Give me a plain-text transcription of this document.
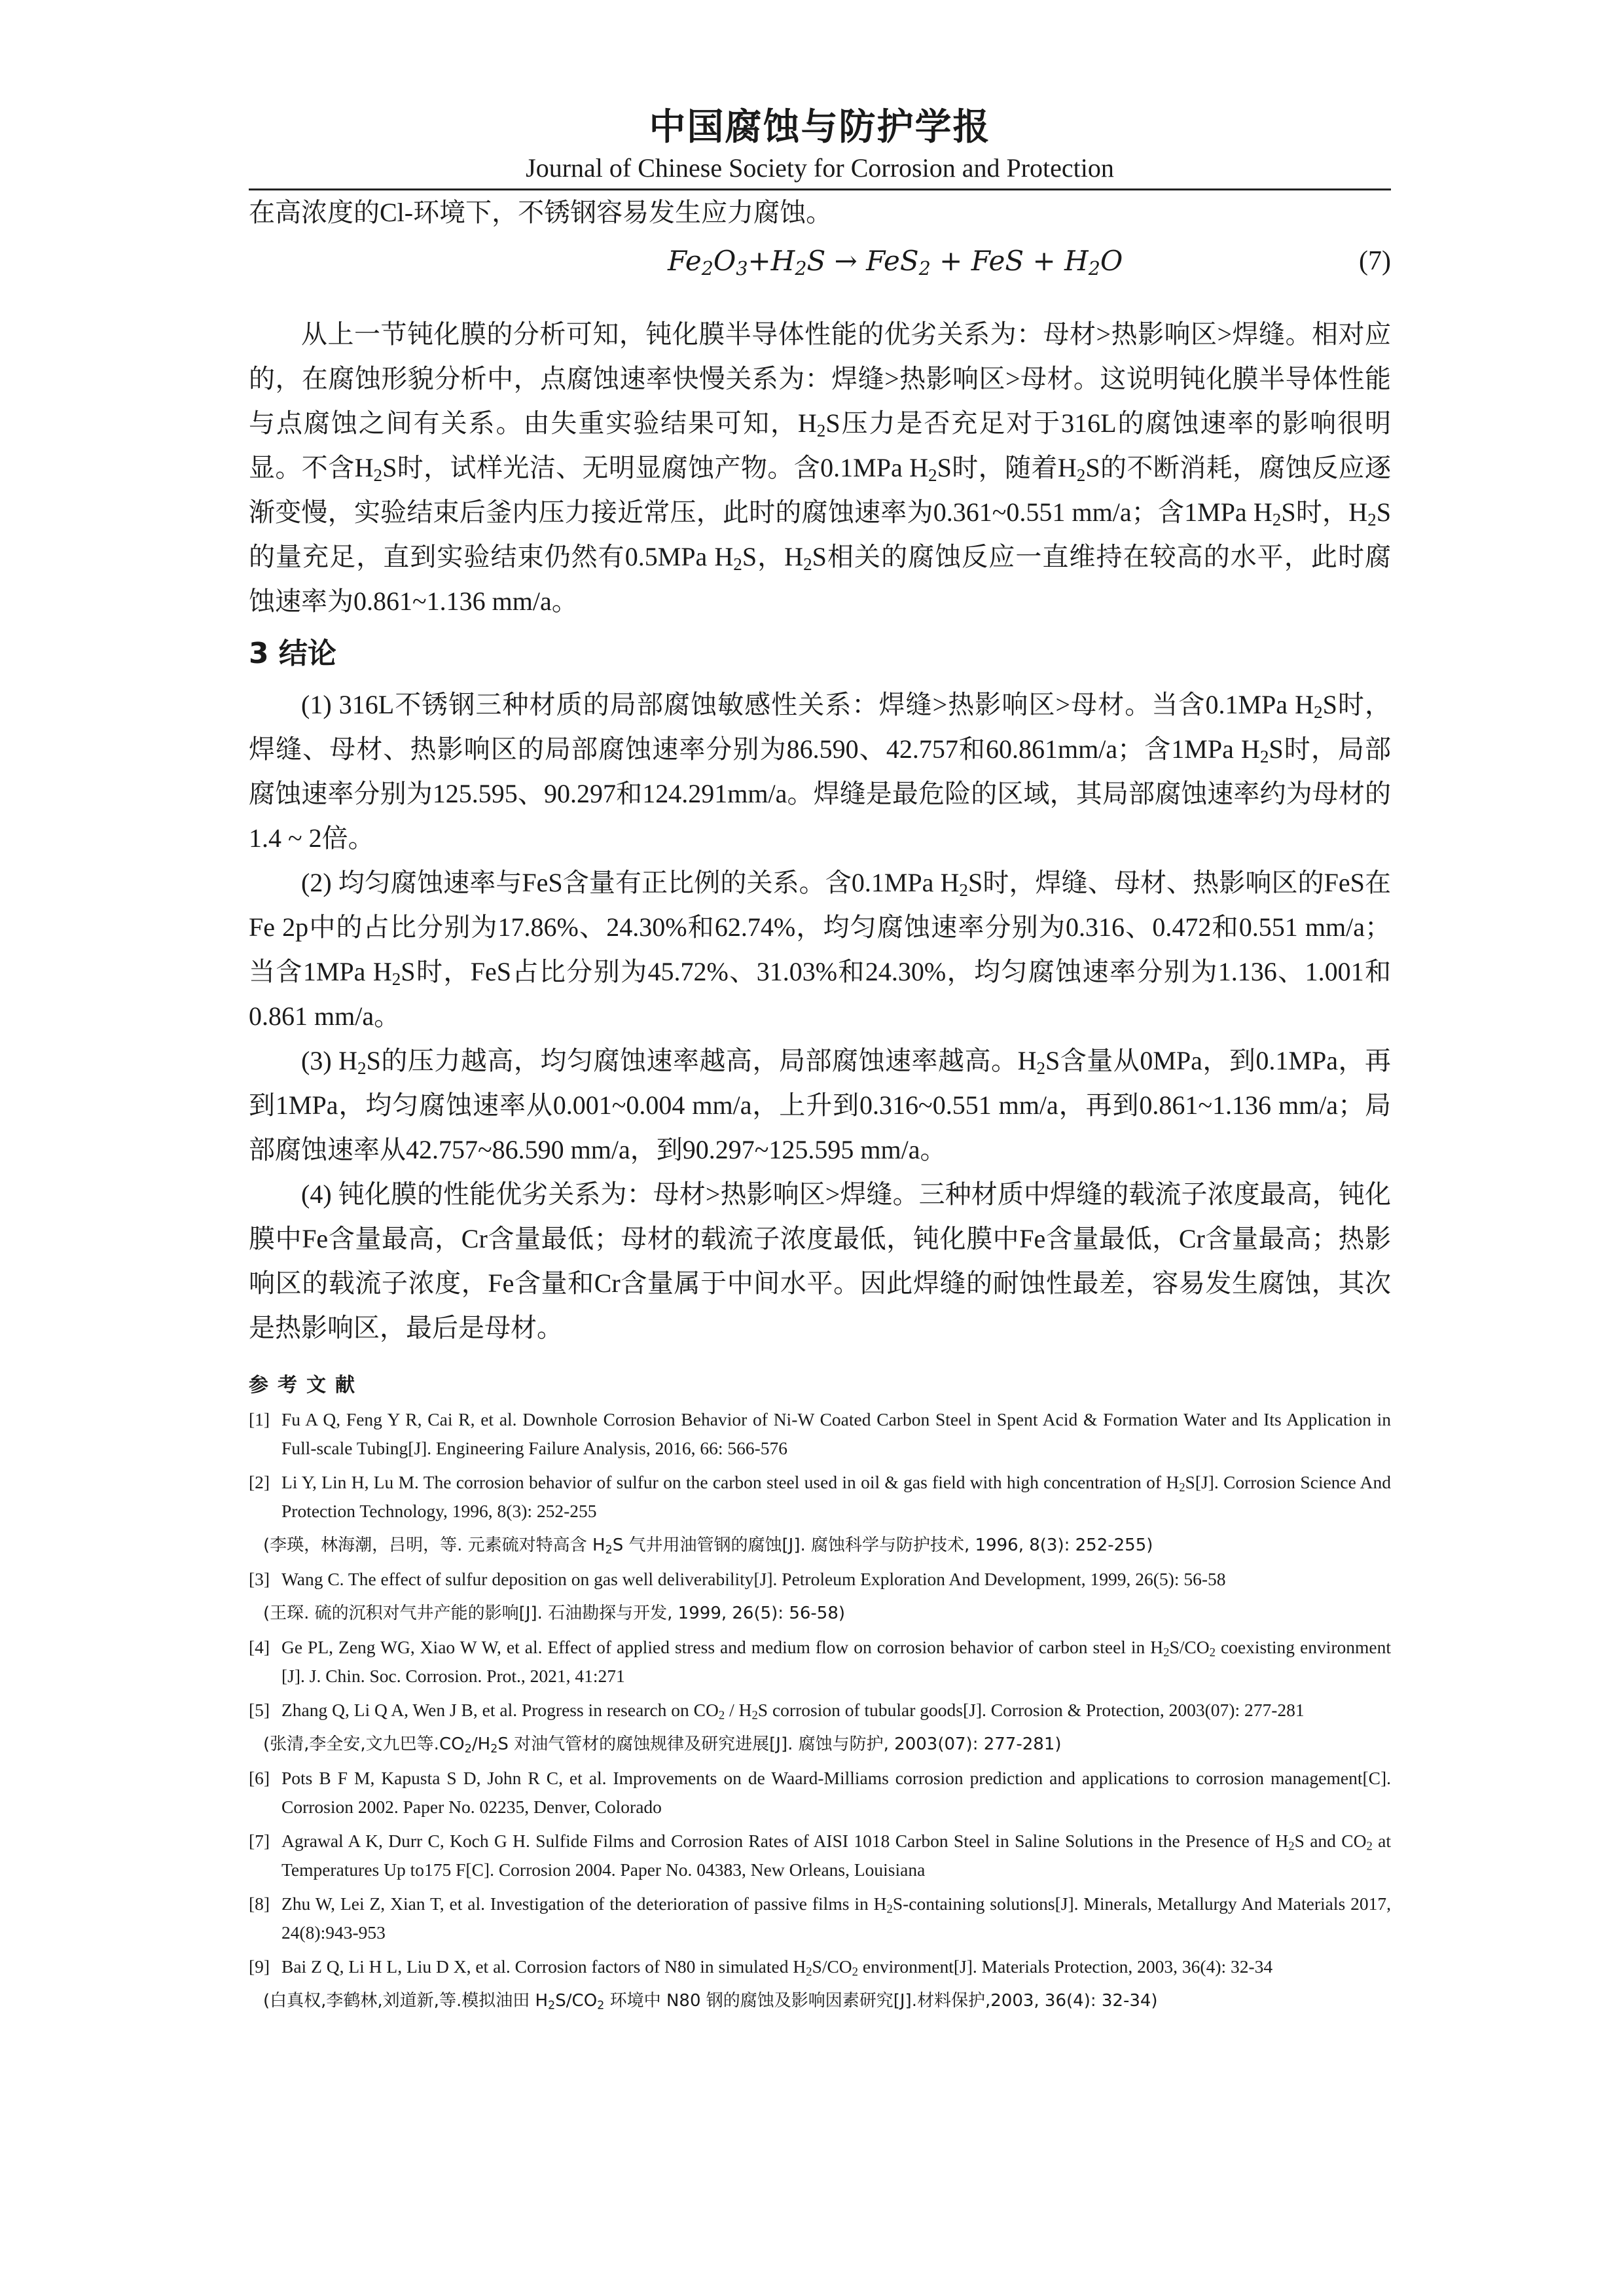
中国腐蚀与防护学报
Journal of Chinese Society for Corrosion and Protection

在高浓度的Cl-环境下，不锈钢容易发生应力腐蚀。

$Fe_2O_3+H_2S \to FeS_2$ + FeS + $H_2O$	(7)

从上一节钝化膜的分析可知，钝化膜半导体性能的优劣关系为：母材>热影响区>焊缝。相对应的，在腐蚀形貌分析中，点腐蚀速率快慢关系为：焊缝>热影响区>母材。这说明钝化膜半导体性能与点腐蚀之间有关系。由失重实验结果可知，$H_2S$压力是否充足对于316L的腐蚀速率的影响很明显。不含$H_2S$时，试样光洁、无明显腐蚀产物。含0.1MPa $H_2S$时，随着$H_2S$的不断消耗，腐蚀反应逐渐变慢，实验结束后釜内压力接近常压，此时的腐蚀速率为0.361~0.551 mm/a；含1MPa $H_2S$时，$H_2S$的量充足，直到实验结束仍然有0.5MPa $H_2S$，$H_2S$相关的腐蚀反应一直维持在较高的水平，此时腐蚀速率为0.861~1.136 mm/a。

3 结论

(1) 316L不锈钢三种材质的局部腐蚀敏感性关系：焊缝>热影响区>母材。当含0.1MPa $H_2S$时，焊缝、母材、热影响区的局部腐蚀速率分别为86.590、42.757和60.861mm/a；含1MPa $H_2S$时，局部腐蚀速率分别为125.595、90.297和124.291mm/a。焊缝是最危险的区域，其局部腐蚀速率约为母材的1.4 ~ 2倍。

(2) 均匀腐蚀速率与FeS含量有正比例的关系。含0.1MPa $H_2S$时，焊缝、母材、热影响区的FeS在Fe 2p中的占比分别为17.86%、24.30%和62.74%，均匀腐蚀速率分别为0.316、0.472和0.551 mm/a；当含1MPa $H_2S$时，FeS占比分别为45.72%、31.03%和24.30%，均匀腐蚀速率分别为1.136、1.001和0.861 mm/a。

(3) $H_2S$的压力越高，均匀腐蚀速率越高，局部腐蚀速率越高。$H_2S$含量从0MPa，到0.1MPa，再到1MPa，均匀腐蚀速率从0.001~0.004 mm/a，上升到0.316~0.551 mm/a，再到0.861~1.136 mm/a；局部腐蚀速率从42.757~86.590 mm/a，到90.297~125.595 mm/a。

(4) 钝化膜的性能优劣关系为：母材>热影响区>焊缝。三种材质中焊缝的载流子浓度最高，钝化膜中Fe含量最高，Cr含量最低；母材的载流子浓度最低，钝化膜中Fe含量最低，Cr含量最高；热影响区的载流子浓度，Fe含量和Cr含量属于中间水平。因此焊缝的耐蚀性最差，容易发生腐蚀，其次是热影响区，最后是母材。

参考文献
[1] Fu A Q, Feng Y R, Cai R, et al. Downhole Corrosion Behavior of Ni-W Coated Carbon Steel in Spent Acid & Formation Water and Its Application in Full-scale Tubing[J]. Engineering Failure Analysis, 2016, 66: 566-576
[2] Li Y, Lin H, Lu M. The corrosion behavior of sulfur on the carbon steel used in oil & gas field with high concentration of $H_2S[J]$. Corrosion Science And Protection Technology, 1996, 8(3): 252-255
(李瑛，林海潮，吕明，等. 元素硫对特高含 $H_2S$ 气井用油管钢的腐蚀[J]. 腐蚀科学与防护技术, 1996, 8(3): 252-255)
[3] Wang C. The effect of sulfur deposition on gas well deliverability[J]. Petroleum Exploration And Development, 1999, 26(5): 56-58
(王琛. 硫的沉积对气井产能的影响[J]. 石油勘探与开发, 1999, 26(5): 56-58)
[4] Ge PL, Zeng WG, Xiao W W, et al. Effect of applied stress and medium flow on corrosion behavior of carbon steel in $H_2S/CO_2$ coexisting environment [J]. J. Chin. Soc. Corrosion. Prot., 2021, 41:271
[5] Zhang Q, Li Q A, Wen J B, et al. Progress in research on $CO_2 / H_2S$ corrosion of tubular goods[J]. Corrosion & Protection, 2003(07): 277-281
(张清,李全安,文九巴等$.CO_2/H_2S$ 对油气管材的腐蚀规律及研究进展[J]. 腐蚀与防护, 2003(07): 277-281)
[6] Pots B F M, Kapusta S D, John R C, et al. Improvements on de Waard-Milliams corrosion prediction and applications to corrosion management[C]. Corrosion 2002. Paper No. 02235, Denver, Colorado
[7] Agrawal A K, Durr C, Koch G H. Sulfide Films and Corrosion Rates of AISI 1018 Carbon Steel in Saline Solutions in the Presence of $H_2S$ and $CO_2$ at Temperatures Up to175 F[C]. Corrosion 2004. Paper No. 04383, New Orleans, Louisiana
[8] Zhu W, Lei Z, Xian T, et al. Investigation of the deterioration of passive films in $H_2S$-containing solutions[J]. Minerals, Metallurgy And Materials 2017, 24(8):943-953
[9] Bai Z Q, Li H L, Liu D X, et al. Corrosion factors of N80 in simulated $H_2S/CO_2$ environment[J]. Materials Protection, 2003, 36(4): 32-34
(白真权,李鹤林,刘道新,等.模拟油田 $H_2S/CO_2$ 环境中 N80 钢的腐蚀及影响因素研究[J].材料保护,2003, 36(4): 32-34)
